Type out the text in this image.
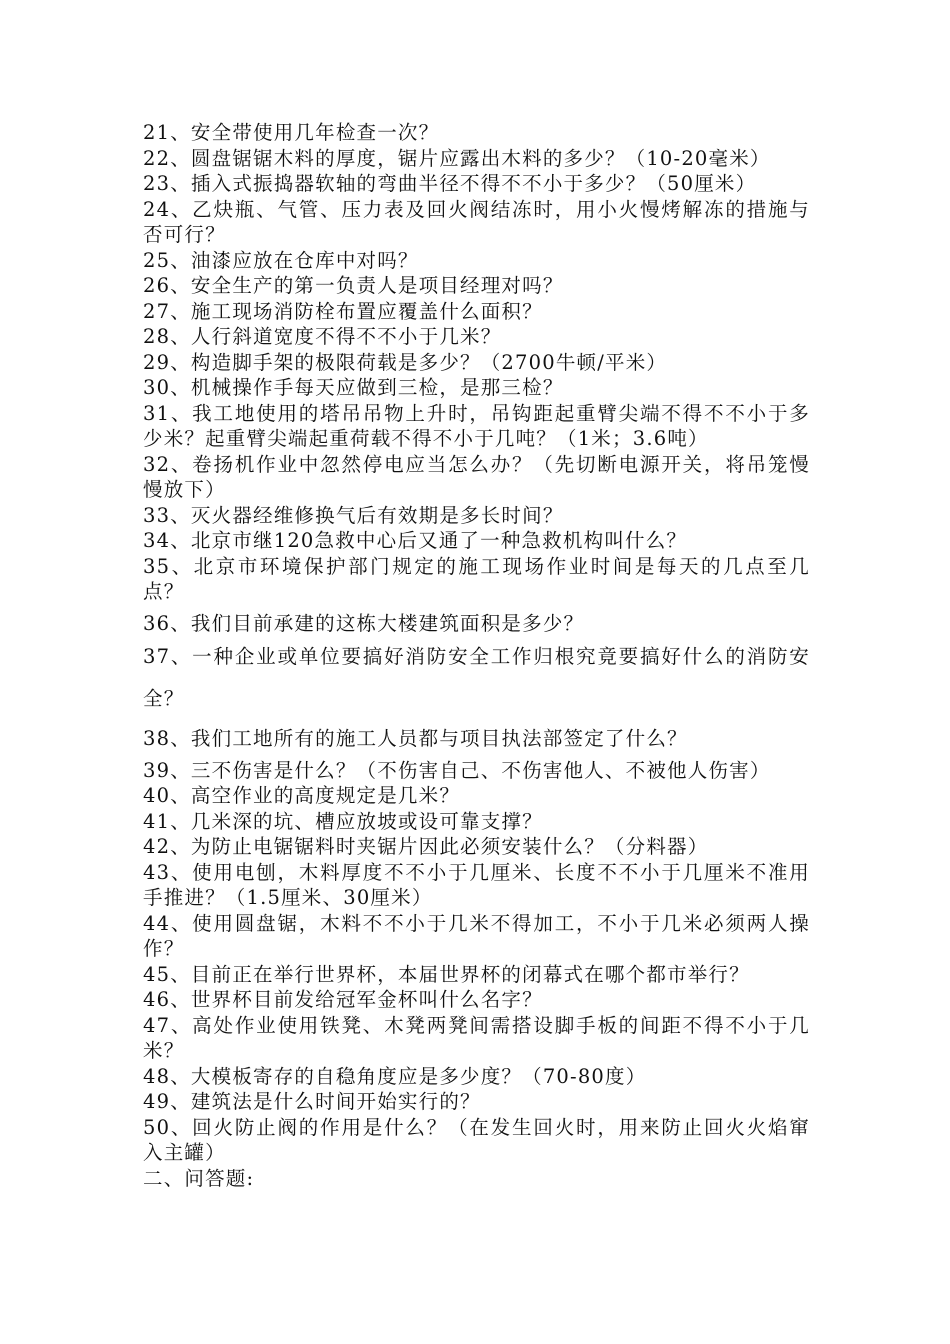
21、安全带使用几年检查一次？

22、圆盘锯锯木料的厚度，锯片应露出木料的多少？（10-20毫米）

23、插入式振捣器软轴的弯曲半径不得不不小于多少？（50厘米）

24、乙炔瓶、气管、压力表及回火阀结冻时，用小火慢烤解冻的措施与否可行？

25、油漆应放在仓库中对吗？

26、安全生产的第一负责人是项目经理对吗？

27、施工现场消防栓布置应覆盖什么面积？

28、人行斜道宽度不得不不小于几米？

29、构造脚手架的极限荷载是多少？（2700牛顿/平米）

30、机械操作手每天应做到三检，是那三检？

31、我工地使用的塔吊吊物上升时，吊钩距起重臂尖端不得不不小于多少米？起重臂尖端起重荷载不得不小于几吨？（1米；3.6吨）

32、卷扬机作业中忽然停电应当怎么办？（先切断电源开关，将吊笼慢慢放下）

33、灭火器经维修换气后有效期是多长时间？

34、北京市继120急救中心后又通了一种急救机构叫什么？

35、北京市环境保护部门规定的施工现场作业时间是每天的几点至几点？

36、我们目前承建的这栋大楼建筑面积是多少？

37、一种企业或单位要搞好消防安全工作归根究竟要搞好什么的消防安全？

38、我们工地所有的施工人员都与项目执法部签定了什么？

39、三不伤害是什么？（不伤害自己、不伤害他人、不被他人伤害）

40、高空作业的高度规定是几米？

41、几米深的坑、槽应放坡或设可靠支撑？

42、为防止电锯锯料时夹锯片因此必须安装什么？（分料器）

43、使用电刨，木料厚度不不小于几厘米、长度不不小于几厘米不准用手推进？（1.5厘米、30厘米）

44、使用圆盘锯，木料不不小于几米不得加工，不小于几米必须两人操作？

45、目前正在举行世界杯，本届世界杯的闭幕式在哪个都市举行？

46、世界杯目前发给冠军金杯叫什么名字？

47、高处作业使用铁凳、木凳两凳间需搭设脚手板的间距不得不小于几米？

48、大模板寄存的自稳角度应是多少度？（70-80度）

49、建筑法是什么时间开始实行的？

50、回火防止阀的作用是什么？（在发生回火时，用来防止回火火焰窜入主罐）

二、问答题:
